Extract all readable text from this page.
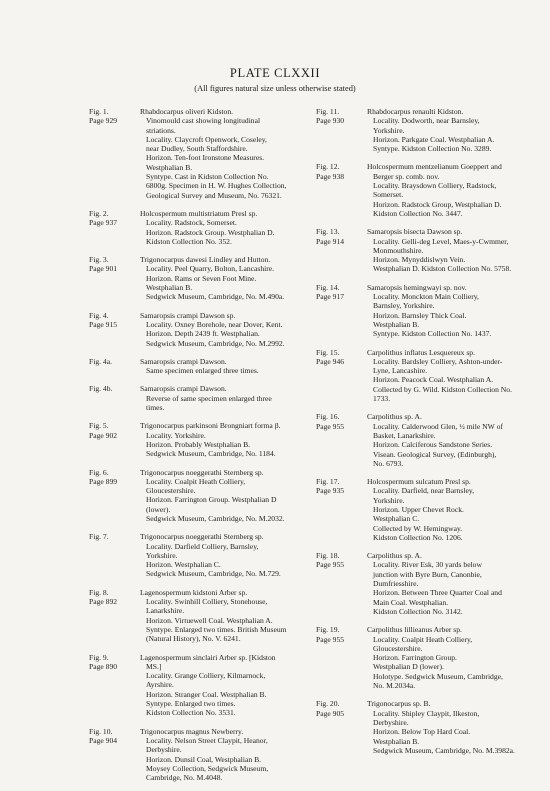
PLATE CLXXII
(All figures natural size unless otherwise stated)
Fig. 1.
Page 929
Rhabdocarpus oliveri Kidston.
Vinomould cast showing longitudinal
striations.
Locality. Claycroft Openwork, Coseley,
near Dudley, South Staffordshire.
Horizon. Ten-foot Ironstone Measures.
Westphalian B.
Syntype. Cast in Kidston Collection No.
6800g. Specimen in H. W. Hughes Collection,
Geological Survey and Museum, No. 76321.
Fig. 2.
Page 937
Holcospermum multistriatum Presl sp.
Locality. Radstock, Somerset.
Horizon. Radstock Group. Westphalian D.
Kidston Collection No. 352.
Fig. 3.
Page 901
Trigonocarpus dawesi Lindley and Hutton.
Locality. Peel Quarry, Bolton, Lancashire.
Horizon. Rams or Seven Foot Mine.
Westphalian B.
Sedgwick Museum, Cambridge, No. M.490a.
Fig. 4.
Page 915
Samaropsis crampi Dawson sp.
Locality. Oxney Borehole, near Dover, Kent.
Horizon. Depth 2439 ft. Westphalian.
Sedgwick Museum, Cambridge, No. M.2992.
Fig. 4a.	Samaropsis crampi Dawson.
Same specimen enlarged three times.
Fig. 4b.	Samaropsis crampi Dawson.
Reverse of same specimen enlarged three
times.
Fig. 5.
Page 902
Trigonocarpus parkinsoni Brongniart forma β.
Locality. Yorkshire.
Horizon. Probably Westphalian B.
Sedgwick Museum, Cambridge, No. 1184.
Fig. 6.
Page 899
Trigonocarpus noeggerathi Sternberg sp.
Locality. Coalpit Heath Colliery,
Gloucestershire.
Horizon. Farrington Group. Westphalian D
(lower).
Sedgwick Museum, Cambridge, No. M.2032.
Fig. 7.	Trigonocarpus noeggerathi Sternberg sp.
Locality. Darfield Colliery, Barnsley,
Yorkshire.
Horizon. Westphalian C.
Sedgwick Museum, Cambridge, No. M.729.
Fig. 8.
Page 892
Lagenospermum kidstoni Arber sp.
Locality. Swinhill Colliery, Stonehouse,
Lanarkshire.
Horizon. Virtuewell Coal. Westphalian A.
Syntype. Enlarged two times. British Museum
(Natural History), No. V. 6241.
Fig. 9.
Page 890
Lagenospermum sinclairi Arber sp. [Kidston
MS.]
Locality. Grange Colliery, Kilmarnock,
Ayrshire.
Horizon. Stranger Coal. Westphalian B.
Syntype. Enlarged two times.
Kidston Collection No. 3531.
Fig. 10.
Page 904
Trigonocarpus magnus Newberry.
Locality. Nelson Street Claypit, Heanor,
Derbyshire.
Horizon. Dunsil Coal, Westphalian B.
Moysey Collection, Sedgwick Museum,
Cambridge, No. M.4048.
Fig. 11.
Page 930
Rhabdocarpus renaulti Kidston.
Locality. Dodworth, near Barnsley,
Yorkshire.
Horizon. Parkgate Coal. Westphalian A.
Syntype. Kidston Collection No. 3289.
Fig. 12.
Page 938
Holcospermum mentzelianum Goeppert and
Berger sp. comb. nov.
Locality. Braysdown Colliery, Radstock,
Somerset.
Horizon. Radstock Group, Westphalian D.
Kidston Collection No. 3447.
Fig. 13.
Page 914
Samaropsis bisecta Dawson sp.
Locality. Gelli-deg Level, Maes-y-Cwmmer,
Monmouthshire.
Horizon. Mynyddislwyn Vein.
Westphalian D. Kidston Collection No. 5758.
Fig. 14.
Page 917
Samaropsis hemingwayi sp. nov.
Locality. Monckton Main Colliery,
Barnsley, Yorkshire.
Horizon. Barnsley Thick Coal.
Westphalian B.
Syntype. Kidston Collection No. 1437.
Fig. 15.
Page 946
Carpolithus inflatus Lesquereux sp.
Locality. Bardsley Colliery, Ashton-under-
Lyne, Lancashire.
Horizon. Peacock Coal. Westphalian A.
Collected by G. Wild. Kidston Collection No.
1733.
Fig. 16.
Page 955
Carpolithus sp. A.
Locality. Calderwood Glen, ½ mile NW of
Basket, Lanarkshire.
Horizon. Calciferous Sandstone Series.
Visean. Geological Survey, (Edinburgh),
No. 6793.
Fig. 17.
Page 935
Holcospermum sulcatum Presl sp.
Locality. Darfield, near Barnsley,
Yorkshire.
Horizon. Upper Chevet Rock.
Westphalian C.
Collected by W. Hemingway.
Kidston Collection No. 1206.
Fig. 18.
Page 955
Carpolithus sp. A.
Locality. River Esk, 30 yards below
junction with Byre Burn, Canonbie,
Dumfriesshire.
Horizon. Between Three Quarter Coal and
Main Coal. Westphalian.
Kidston Collection No. 3142.
Fig. 19.
Page 955
Carpolithus lillieanus Arber sp.
Locality. Coalpit Heath Colliery,
Gloucestershire.
Horizon. Farrington Group.
Westphalian D (lower).
Holotype. Sedgwick Museum, Cambridge,
No. M.2034a.
Fig. 20.
Page 905
Trigonocarpus sp. B.
Locality. Shipley Claypit, Ilkeston,
Derbyshire.
Horizon. Below Top Hard Coal.
Westphalian B.
Sedgwick Museum, Cambridge, No. M.3982a.
